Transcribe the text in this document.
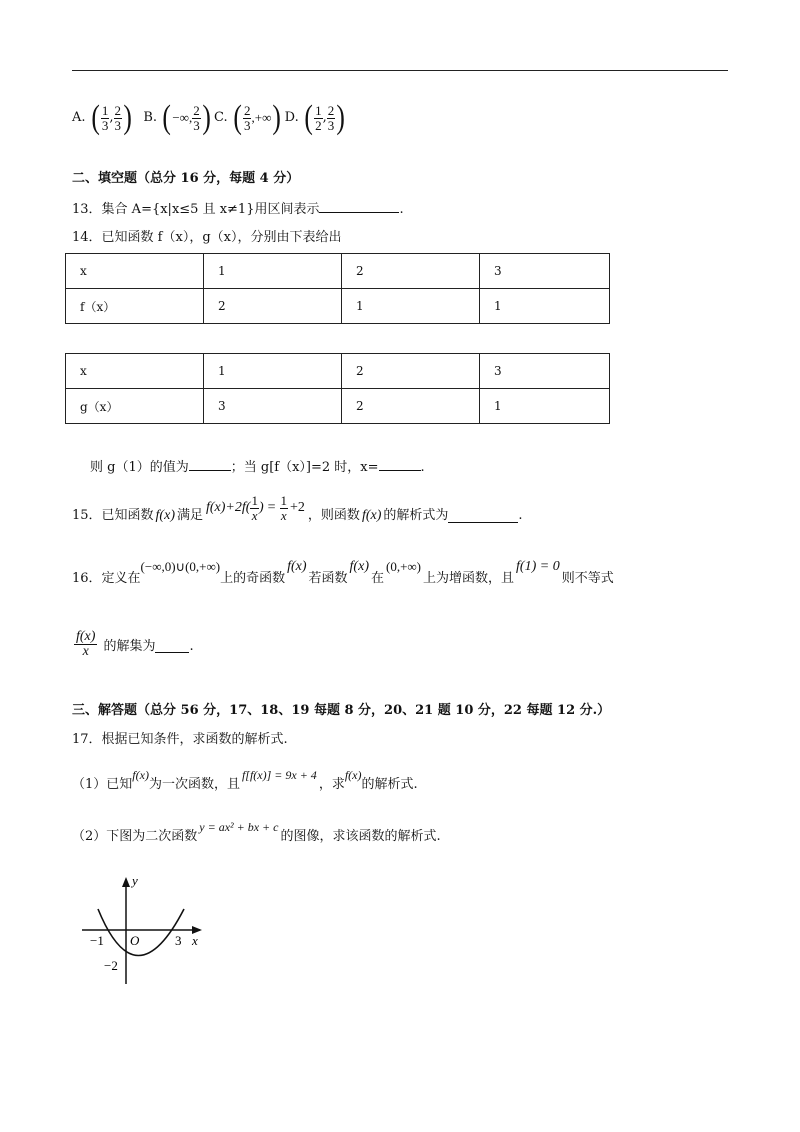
A. ( $\frac{1}{3}$ , $\frac{2}{3}$ ) B. ( −∞, $\frac{2}{3}$ ) C. ( $\frac{2}{3}$ ,+∞ ) D. ( $\frac{1}{2}$ , $\frac{2}{3}$ )
二、填空题（总分 16 分，每题 4 分）
13．集合 A={x|x≤5 且 x≠1}用区间表示	.
14．已知函数 f（x），g（x），分别由下表给出
x	1	2	3
f（x）	2	1	1
x	1	2	3
g（x）	3	2	1
则 g（1）的值为	；当 g[f（x）]=2 时，x=	.
15．已知函数 f(x) 满足
$f(x)+2f( \frac{1}{x}$ ) = $\frac{1}{x} +2$
，则函数 f(x) 的解析式为	.
16．定义在
(−∞,0)∪(0,+∞)
上的奇函数
f(x)
若函数
f(x)
在
(0,+∞)
上为增函数，且
f(1) = 0
则不等式
$\frac{f(x)}{x}$ 的解集为	.
三、解答题（总分 56 分，17、18、19 每题 8 分，20、21 题 10 分，22 每题 12 分.）
17．根据已知条件，求函数的解析式.
（1）已知
f(x)
为一次函数，且
f[f(x)] = 9x + 4
，求
f(x)
的解析式.
（2）下图为二次函数
y = ax² + bx + c
的图像，求该函数的解析式.
y
x
O
−1	3
−2
